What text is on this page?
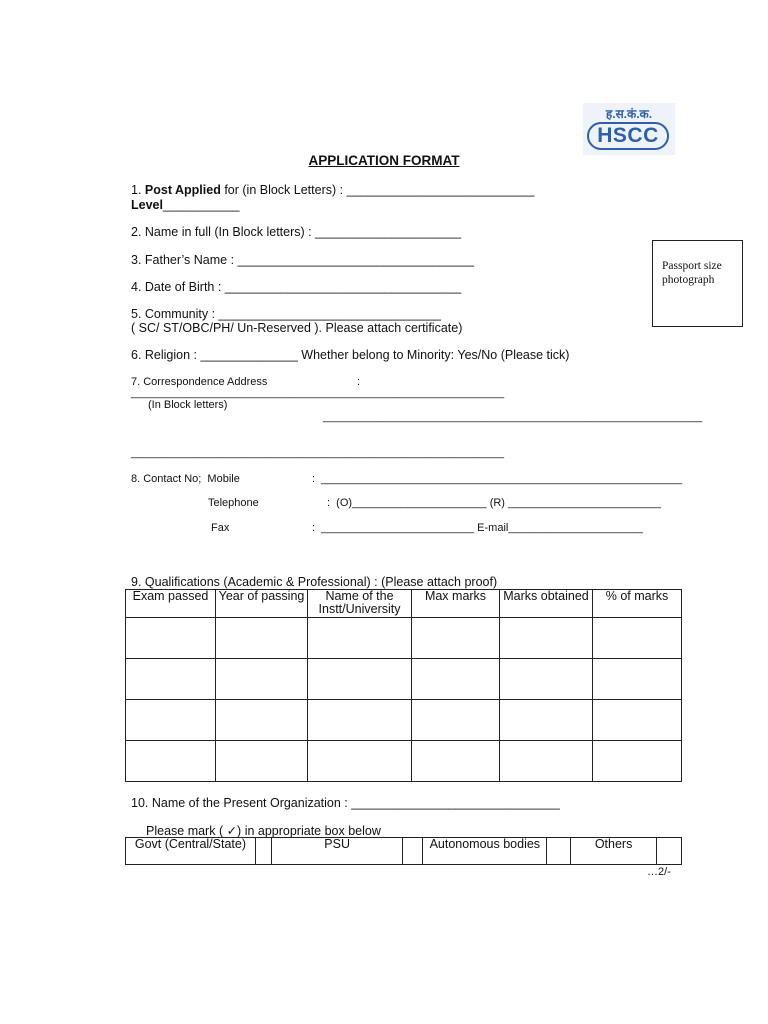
ह.स.कं.क.
HSCC
APPLICATION FORMAT
Passport size
photograph
1. Post Applied for (in Block Letters) : ___________________________
Level___________
2. Name in full (In Block letters) : _____________________
3. Father’s Name : __________________________________
4. Date of Birth : __________________________________
5. Community : ________________________________
( SC/ ST/OBC/PH/ Un-Reserved ). Please attach certificate)
6. Religion : ______________ Whether belong to Minority: Yes/No (Please tick)
7. Correspondence Address	:
_____________________________________________________________
(In Block letters)
______________________________________________________________
_____________________________________________________________
8. Contact No;  Mobile	:  ___________________________________________________________
Telephone	:  (O)______________________ (R) _________________________
Fax	:  _________________________ E-mail______________________
9. Qualifications (Academic & Professional) : (Please attach proof)
Exam passed	Year of passing	Name of the Instt/University	Max marks	Marks obtained	% of marks

10. Name of the Present Organization : ______________________________
Please mark ( ✓) in appropriate box below
Govt (Central/State)		PSU		Autonomous bodies		Others	
…2/-
